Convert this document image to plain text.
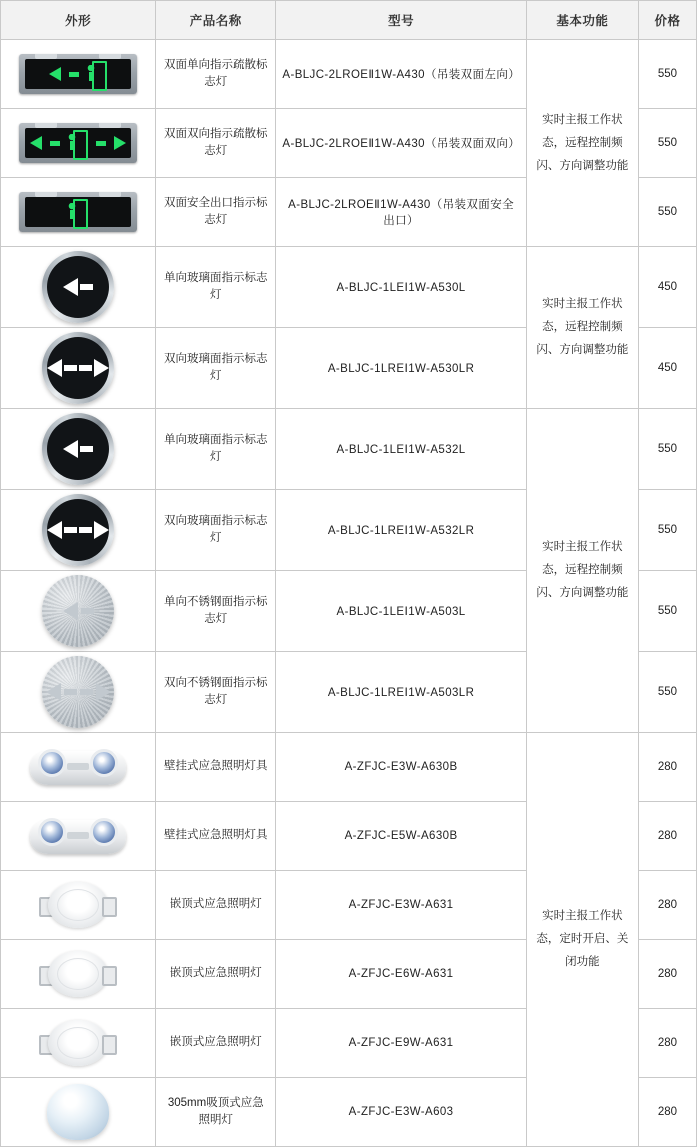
外形	产品名称	型号	基本功能	价格

	双面单向指示疏散标志灯	A-BLJC-2LROEⅡ1W-A430（吊装双面左向）	实时主报工作状态，远程控制频闪、方向调整功能	550

	双面双向指示疏散标志灯	A-BLJC-2LROEⅡ1W-A430（吊装双面双向）		550

	双面安全出口指示标志灯	A-BLJC-2LROEⅡ1W-A430（吊装双面安全出口）		550

	单向玻璃面指示标志灯	A-BLJC-1LEⅠ1W-A530L	实时主报工作状态，远程控制频闪、方向调整功能	450

	双向玻璃面指示标志灯	A-BLJC-1LREⅠ1W-A530LR		450

	单向玻璃面指示标志灯	A-BLJC-1LEⅠ1W-A532L	实时主报工作状态，远程控制频闪、方向调整功能	550

	双向玻璃面指示标志灯	A-BLJC-1LREⅠ1W-A532LR		550

	单向不锈钢面指示标志灯	A-BLJC-1LEⅠ1W-A503L		550

	双向不锈钢面指示标志灯	A-BLJC-1LREⅠ1W-A503LR		550

	壁挂式应急照明灯具	A-ZFJC-E3W-A630B	实时主报工作状态，定时开启、关闭功能	280

	壁挂式应急照明灯具	A-ZFJC-E5W-A630B		280

	嵌顶式应急照明灯	A-ZFJC-E3W-A631		280

	嵌顶式应急照明灯	A-ZFJC-E6W-A631		280

	嵌顶式应急照明灯	A-ZFJC-E9W-A631		280

	305mm吸顶式应急照明灯	A-ZFJC-E3W-A603		280
